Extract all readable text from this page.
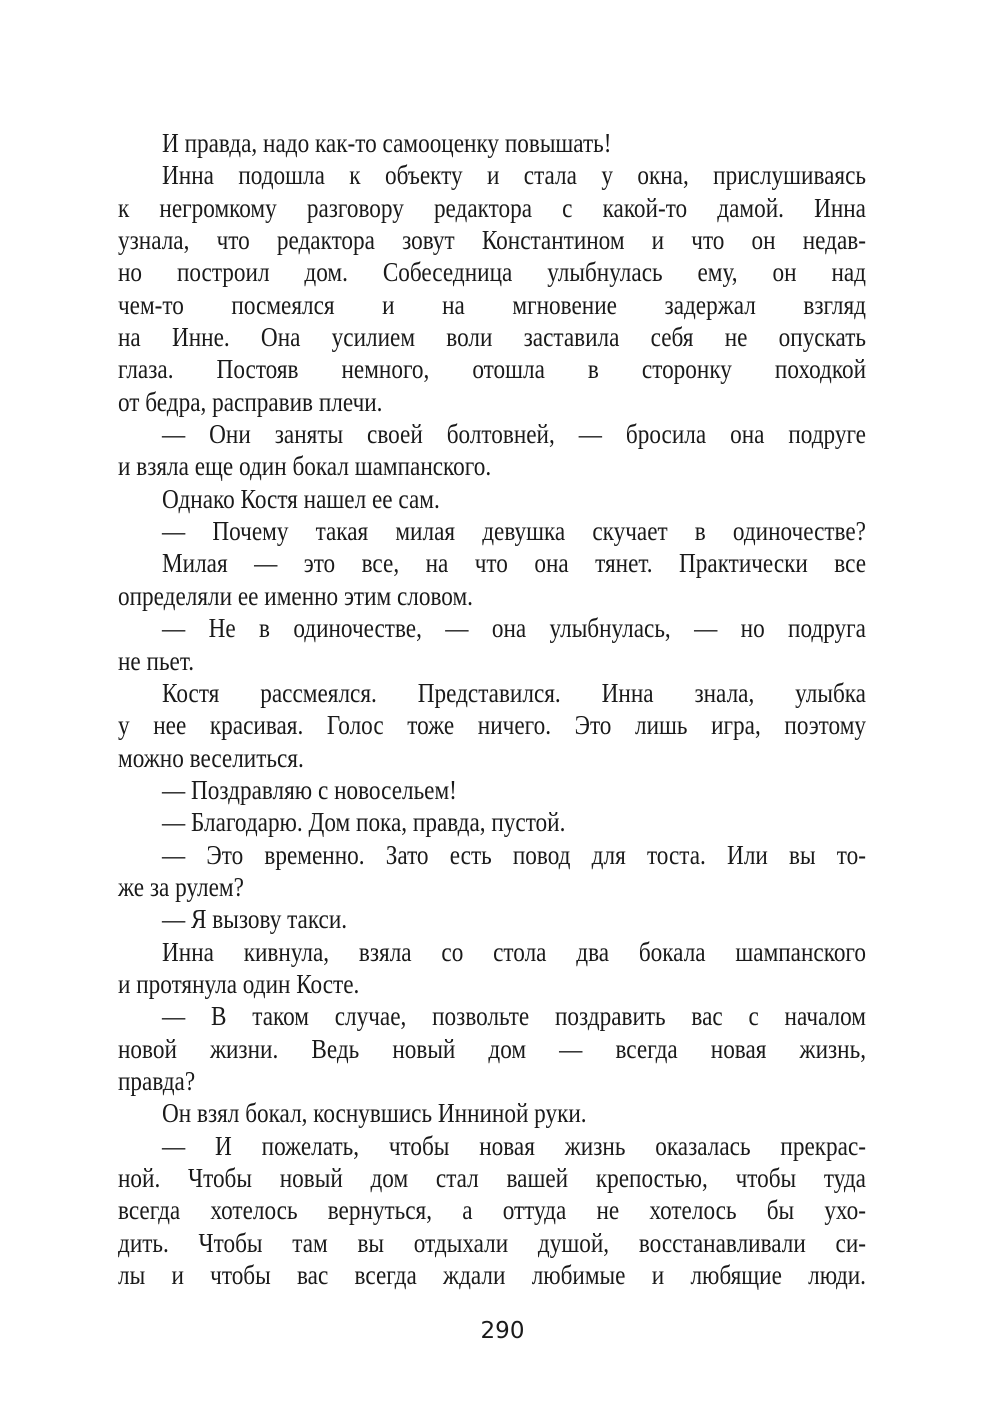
И правда, надо как-то самооценку повышать!
Инна подошла к объекту и стала у окна, прислушиваясь
к негромкому разговору редактора с какой-то дамой. Инна
узнала, что редактора зовут Константином и что он недав-
но построил дом. Собеседница улыбнулась ему, он над
чем-то посмеялся и на мгновение задержал взгляд
на Инне. Она усилием воли заставила себя не опускать
глаза. Постояв немного, отошла в сторонку походкой
от бедра, расправив плечи.
— Они заняты своей болтовней, — бросила она подруге
и взяла еще один бокал шампанского.
Однако Костя нашел ее сам.
— Почему такая милая девушка скучает в одиночестве?
Милая — это все, на что она тянет. Практически все
определяли ее именно этим словом.
— Не в одиночестве, — она улыбнулась, — но подруга
не пьет.
Костя рассмеялся. Представился. Инна знала, улыбка
у нее красивая. Голос тоже ничего. Это лишь игра, поэтому
можно веселиться.
— Поздравляю с новосельем!
— Благодарю. Дом пока, правда, пустой.
— Это временно. Зато есть повод для тоста. Или вы то-
же за рулем?
— Я вызову такси.
Инна кивнула, взяла со стола два бокала шампанского
и протянула один Косте.
— В таком случае, позвольте поздравить вас с началом
новой жизни. Ведь новый дом — всегда новая жизнь,
правда?
Он взял бокал, коснувшись Инниной руки.
— И пожелать, чтобы новая жизнь оказалась прекрас-
ной. Чтобы новый дом стал вашей крепостью, чтобы туда
всегда хотелось вернуться, а оттуда не хотелось бы ухо-
дить. Чтобы там вы отдыхали душой, восстанавливали си-
лы и чтобы вас всегда ждали любимые и любящие люди.
290
